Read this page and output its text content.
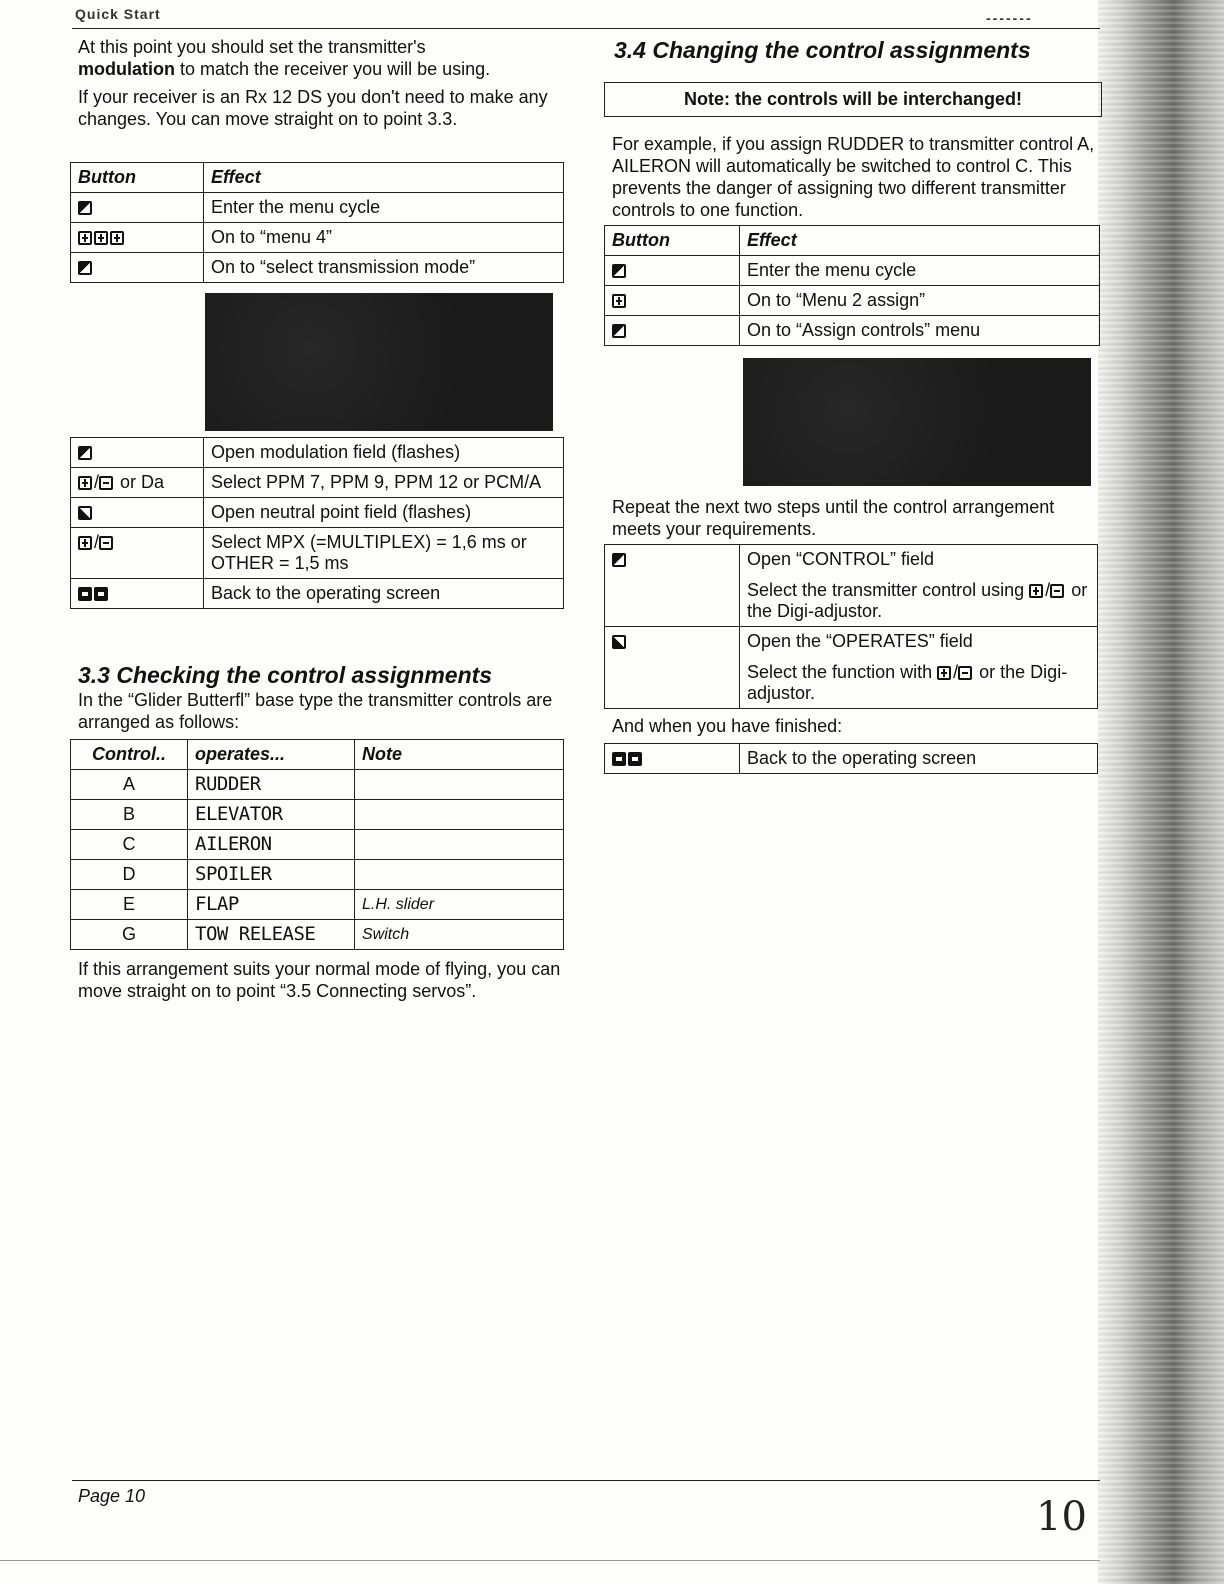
Quick Start	-------

At this point you should set the transmitter's
modulation to match the receiver you will be using.

If your receiver is an Rx 12 DS you don't need to make any changes. You can move straight on to point 3.3.

Button	Effect
	Enter the menu cycle
	On to “menu 4”
	On to “select transmission mode”
	Open modulation field (flashes)
/ or Da	Select PPM 7, PPM 9, PPM 12 or PCM/A
	Open neutral point field (flashes)
/	Select MPX (=MULTIPLEX) = 1,6 ms or OTHER = 1,5 ms
	Back to the operating screen
3.3 Checking the control assignments

In the “Glider Butterfl” base type the transmitter controls are arranged as follows:

Control..	operates...	Note
A	RUDDER	
B	ELEVATOR	
C	AILERON	
D	SPOILER	
E	FLAP	L.H. slider
G	TOW RELEASE	Switch

If this arrangement suits your normal mode of flying, you can move straight on to point “3.5 Connecting servos”.

3.4 Changing the control assignments
Note: the controls will be interchanged!

For example, if you assign RUDDER to transmitter control A, AILERON will automatically be switched to control C. This prevents the danger of assigning two different transmitter controls to one function.

Button	Effect
	Enter the menu cycle
	On to “Menu 2 assign”
	On to “Assign controls” menu

Repeat the next two steps until the control arrangement meets your requirements.

	Open “CONTROL” field
Select the transmitter control using / or the Digi-adjustor.

	Open the “OPERATES” field
Select the function with / or the Digi-adjustor.

And when you have finished:

	Back to the operating screen
Page 10	10
